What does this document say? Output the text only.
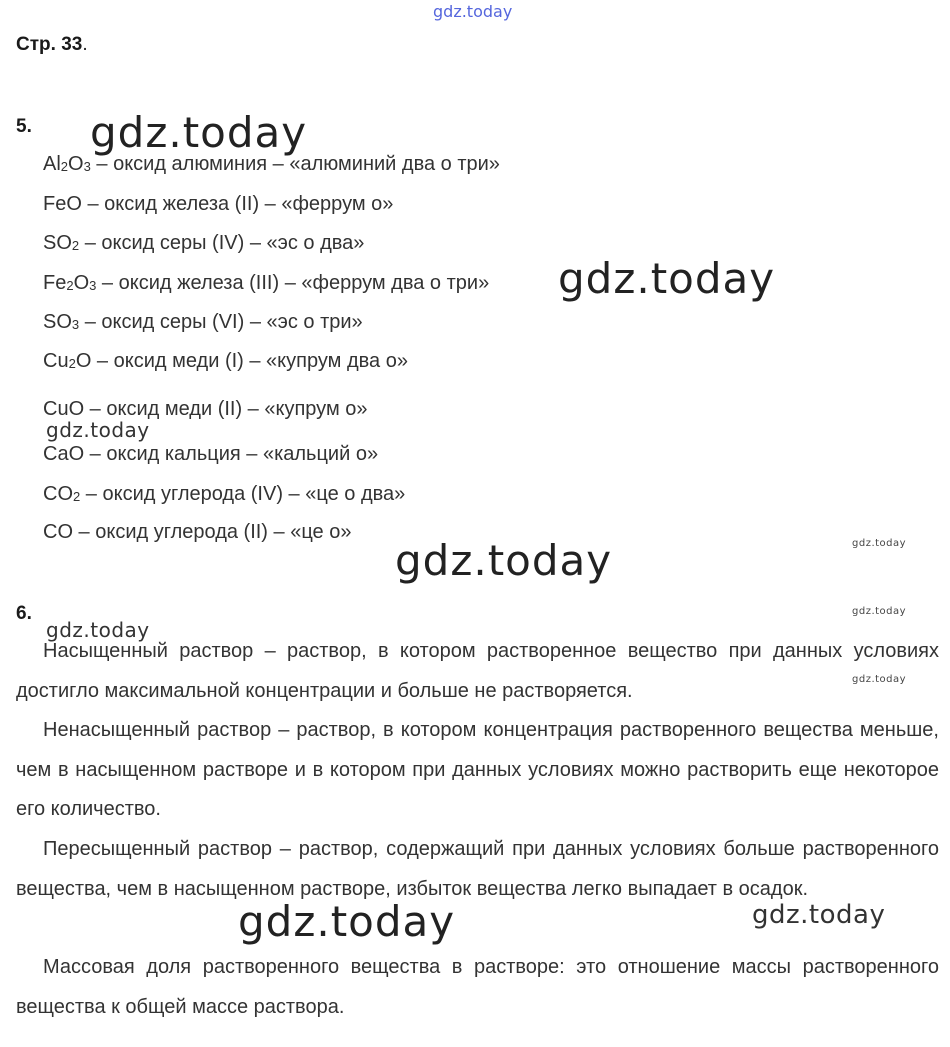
gdz.today
gdz.today
gdz.today
gdz.today
gdz.today	gdz.today
gdz.today
gdz.today
gdz.today
gdz.today	gdz.today
Стр. 33.
5.
$Al_2O_3$ – оксид алюминия – «алюминий два о три»
FeO – оксид железа (II) – «феррум о»
$SO_2$ – оксид серы (IV) – «эс о два»
$Fe_2O_3$ – оксид железа (III) – «феррум два о три»
$SO_3$ – оксид серы (VI) – «эс о три»
$Cu_2O$ – оксид меди (I) – «купрум два о»
CuO – оксид меди (II) – «купрум о»
CaO – оксид кальция – «кальций о»
$CO_2$ – оксид углерода (IV) – «це о два»
CO – оксид углерода (II) – «це о»
6.

Насыщенный раствор – раствор, в котором растворенное вещество при данных условиях достигло максимальной концентрации и больше не растворяется.

Ненасыщенный раствор – раствор, в котором концентрация растворенного вещества меньше, чем в насыщенном растворе и в котором при данных условиях можно растворить еще некоторое его количество.

Пересыщенный раствор – раствор, содержащий при данных условиях больше растворенного вещества, чем в насыщенном растворе, избыток вещества легко выпадает в осадок.

Массовая доля растворенного вещества в растворе: это отношение массы растворенного вещества к общей массе раствора.
